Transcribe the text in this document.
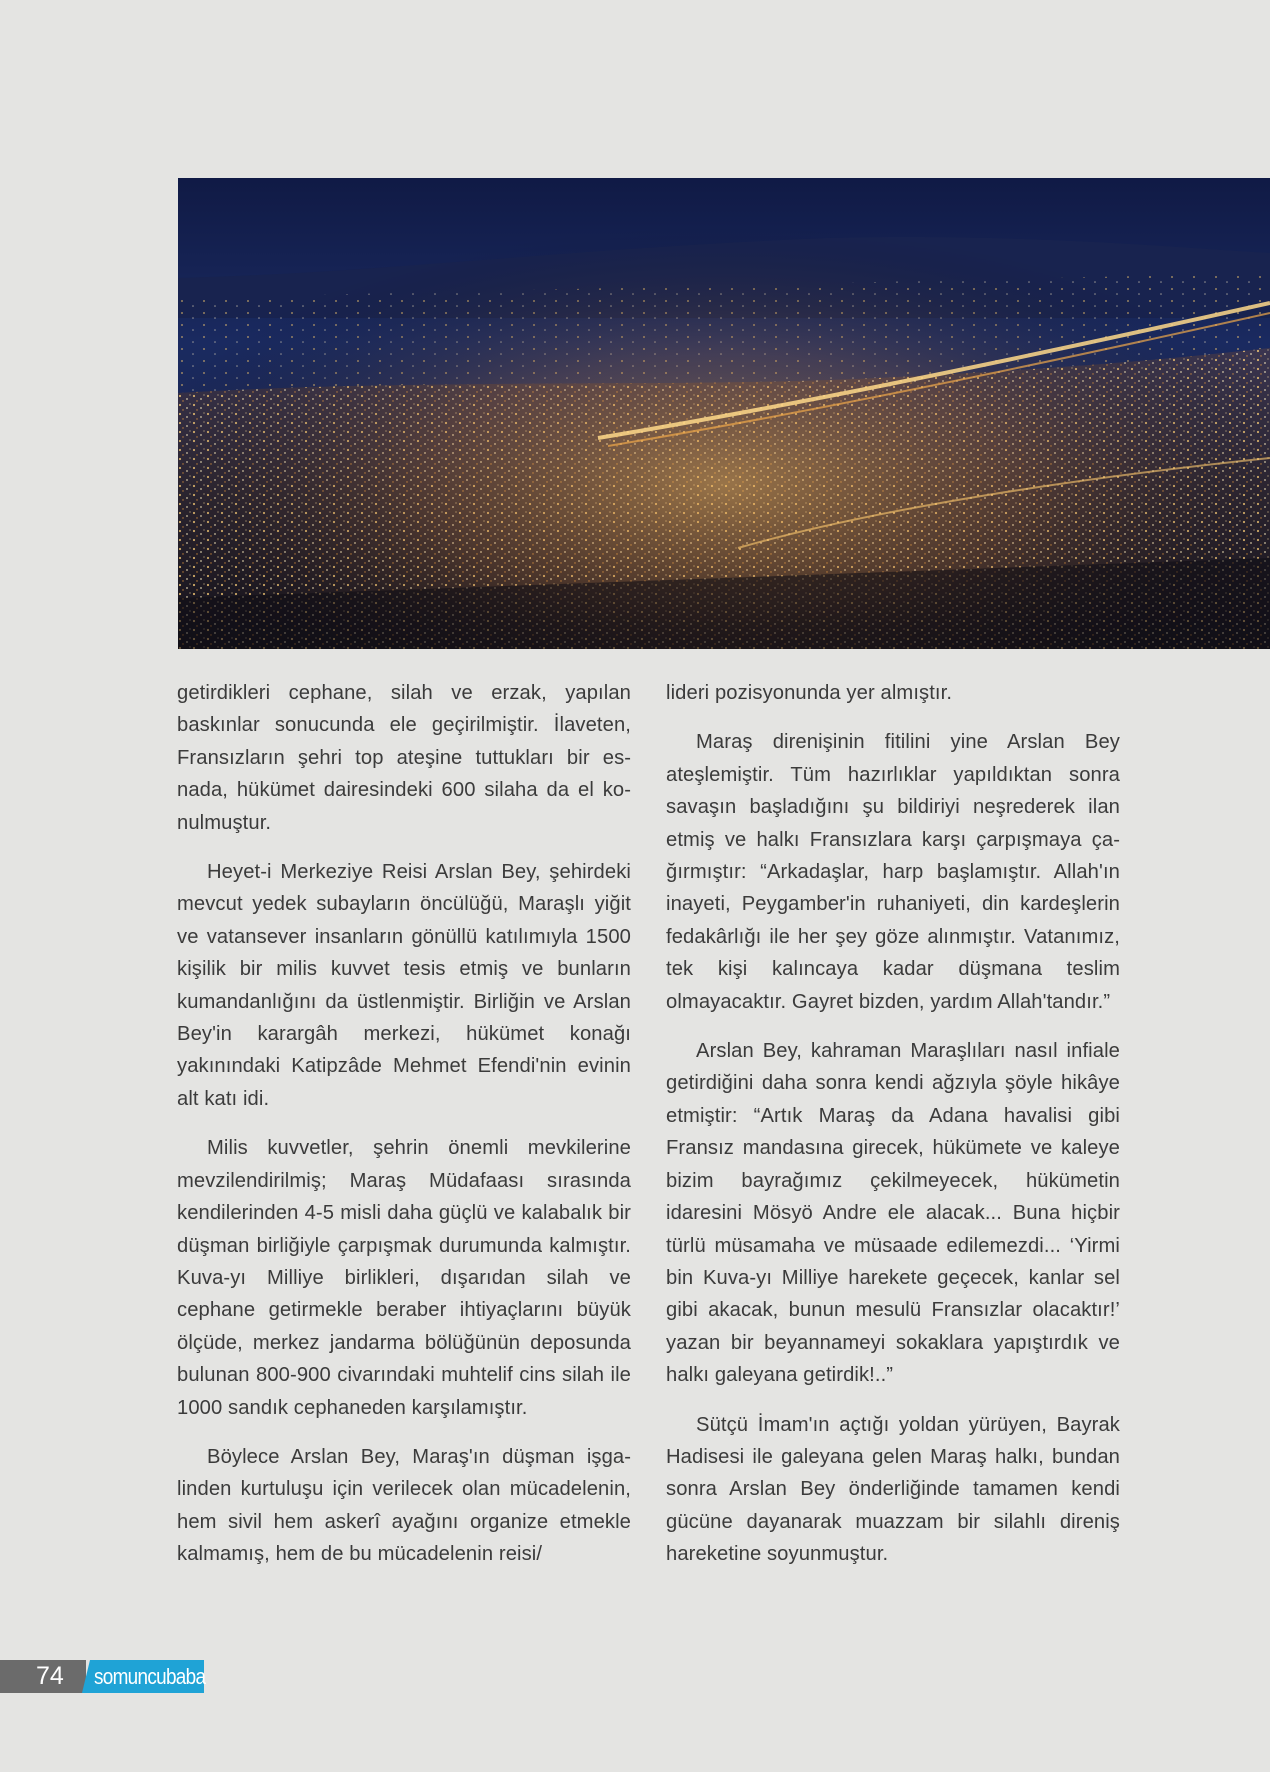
getirdikleri cephane, silah ve erzak, yapılan baskınlar sonucunda ele geçirilmiştir. İlaveten, Fransızların şehri top ateşine tuttukları bir esnada, hükümet dairesindeki 600 silaha da el konulmuştur.

Heyet-i Merkeziye Reisi Arslan Bey, şehirdeki mevcut yedek subayların öncülüğü, Maraşlı yiğit ve vatansever insanların gönüllü katılımıyla 1500 kişilik bir milis kuvvet tesis etmiş ve bunların kumandanlığını da üstlenmiştir. Birliğin ve Arslan Bey'in karargâh merkezi, hükümet konağı yakınındaki Katipzâde Mehmet Efendi'nin evinin alt katı idi.

Milis kuvvetler, şehrin önemli mevkilerine mevzilendirilmiş; Maraş Müdafaası sırasında kendilerinden 4-5 misli daha güçlü ve kalabalık bir düşman birliğiyle çarpışmak durumunda kalmıştır. Kuva-yı Milliye birlikleri, dışarıdan silah ve cephane getirmekle beraber ihtiyaçlarını büyük ölçüde, merkez jandarma bölüğünün deposunda bulunan 800-900 civarındaki muhtelif cins silah ile 1000 sandık cephaneden karşılamıştır.

Böylece Arslan Bey, Maraş'ın düşman işgalinden kurtuluşu için verilecek olan mücadelenin, hem sivil hem askerî ayağını organize etmekle kalmamış, hem de bu mücadelenin reisi/

lideri pozisyonunda yer almıştır.

Maraş direnişinin fitilini yine Arslan Bey ateşlemiştir. Tüm hazırlıklar yapıldıktan sonra savaşın başladığını şu bildiriyi neşrederek ilan etmiş ve halkı Fransızlara karşı çarpışmaya çağırmıştır: “Arkadaşlar, harp başlamıştır. Allah'ın inayeti, Peygamber'in ruhaniyeti, din kardeşlerin fedakârlığı ile her şey göze alınmıştır. Vatanımız, tek kişi kalıncaya kadar düşmana teslim olmayacaktır. Gayret bizden, yardım Allah'tandır.”

Arslan Bey, kahraman Maraşlıları nasıl infiale getirdiğini daha sonra kendi ağzıyla şöyle hikâye etmiştir: “Artık Maraş da Adana havalisi gibi Fransız mandasına girecek, hükümete ve kaleye bizim bayrağımız çekilmeyecek, hükümetin idaresini Mösyö Andre ele alacak... Buna hiçbir türlü müsamaha ve müsaade edilemezdi... ‘Yirmi bin Kuva-yı Milliye harekete geçecek, kanlar sel gibi akacak, bunun mesulü Fransızlar olacaktır!’ yazan bir beyannameyi sokaklara yapıştırdık ve halkı galeyana getirdik!..”

Sütçü İmam'ın açtığı yoldan yürüyen, Bayrak Hadisesi ile galeyana gelen Maraş halkı, bundan sonra Arslan Bey önderliğinde tamamen kendi gücüne dayanarak muazzam bir silahlı direniş hareketine soyunmuştur.

74 somuncubaba
